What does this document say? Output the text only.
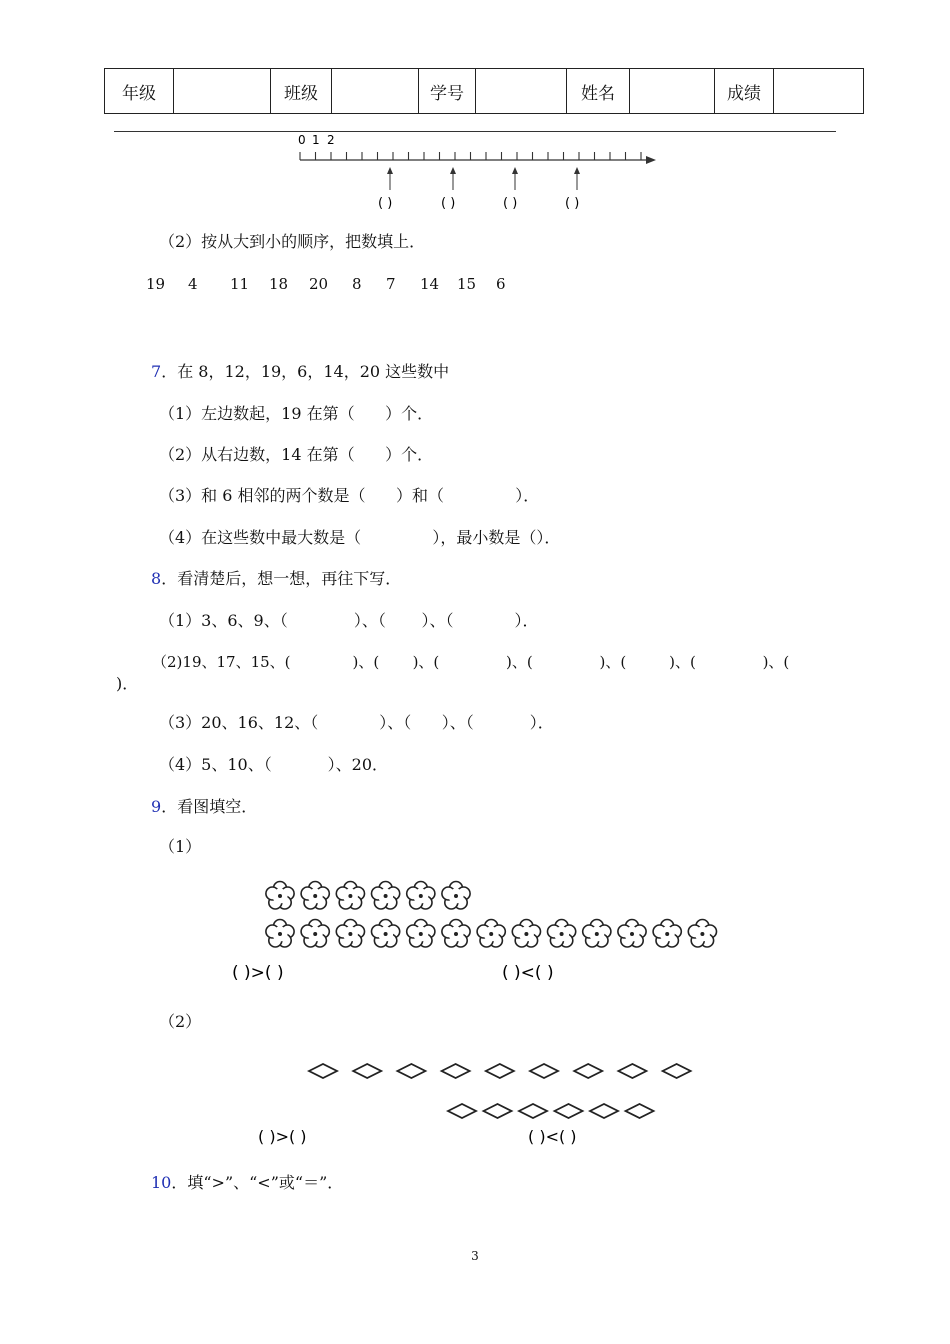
年级		班级		学号		姓名		成绩	
0 1 2
( )	( )	( )	( )
（2）按从大到小的顺序，把数填上．
19 4 11 18 20 8 7 14 15 6
7．在 8，12，19，6，14，20 这些数中
（1）左边数起，19 在第（      ）个．
（2）从右边数，14 在第（      ）个．
（3）和 6 相邻的两个数是（      ）和（              ）．
（4）在这些数中最大数是（              ），最小数是（）．
8．看清楚后，想一想，再往下写．
（1）3、6、9、（             ）、（       ）、（            ）．
（2)19、17、15、(             )、(       )、(              )、(              )、(         )、(              )、(
)．
（3）20、16、12、（            ）、（      ）、（           ）．
（4）5、10、（           ）、20．
9．看图填空．
（1）
( )>( )	( )<( )
（2）
( )>( )	( )<( )
10．填“>”、“<”或“＝”．
3
